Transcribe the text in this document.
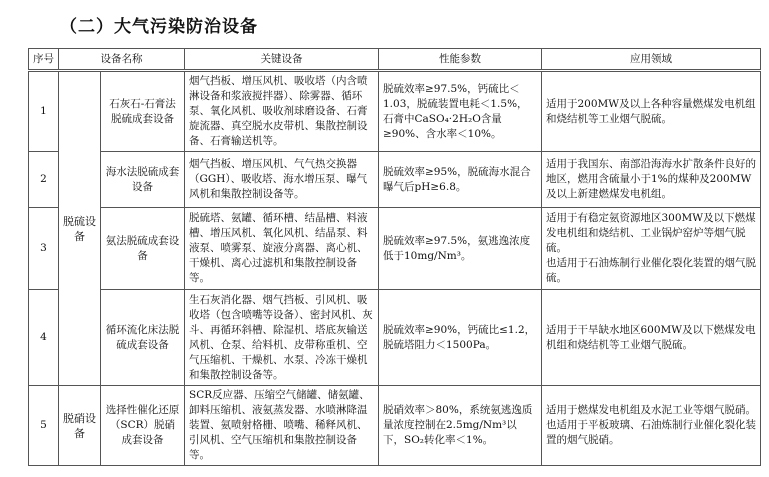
（二）大气污染防治设备
序号	设备名称		关键设备	性能参数	应用领域
1	脱硫设备	石灰石-石膏法脱硫成套设备	烟气挡板、增压风机、吸收塔（内含喷淋设备和浆液搅拌器）、除雾器、循环泵、氧化风机、吸收剂球磨设备、石膏旋流器、真空脱水皮带机、集散控制设备、石膏输送机等。	脱硫效率≥97.5%，钙硫比＜1.03，脱硫装置电耗＜1.5%，石膏中CaSO₄·2H₂O含量≥90%、含水率＜10%。	适用于200MW及以上各种容量燃煤发电机组和烧结机等工业烟气脱硫。
2		海水法脱硫成套设备	烟气挡板、增压风机、气气热交换器（GGH）、吸收塔、海水增压泵、曝气风机和集散控制设备等。	脱硫效率≥95%，脱硫海水混合曝气后pH≥6.8。	适用于我国东、南部沿海海水扩散条件良好的地区，燃用含硫量小于1%的煤种及200MW及以上新建燃煤发电机组。
3		氨法脱硫成套设备	脱硫塔、氨罐、循环槽、结晶槽、料液槽、增压风机、氧化风机、结晶泵、料液泵、喷雾泵、旋液分离器、离心机、干燥机、离心过滤机和集散控制设备等。	脱硫效率≥97.5%，氨逃逸浓度低于10mg/Nm³。	适用于有稳定氨资源地区300MW及以下燃煤发电机组和烧结机、工业锅炉窑炉等烟气脱硫。
也适用于石油炼制行业催化裂化装置的烟气脱硫。
4		循环流化床法脱硫成套设备	生石灰消化器、烟气挡板、引风机、吸收塔（包含喷嘴等设备）、密封风机、灰斗、再循环斜槽、除湿机、塔底灰输送风机、仓泵、给料机、皮带称重机、空气压缩机、干燥机、水泵、冷冻干燥机和集散控制设备等。	脱硫效率≥90%，钙硫比≤1.2，脱硫塔阻力＜1500Pa。	适用于干旱缺水地区600MW及以下燃煤发电机组和烧结机等工业烟气脱硫。
5	脱硝设备	选择性催化还原（SCR）脱硝成套设备	SCR反应器、压缩空气储罐、储氨罐、卸料压缩机、液氨蒸发器、水喷淋降温装置、氨喷射格栅、喷嘴、稀释风机、引风机、空气压缩机和集散控制设备等。	脱硝效率＞80%，系统氨逃逸质量浓度控制在2.5mg/Nm³以下，SO₂转化率＜1%。	适用于燃煤发电机组及水泥工业等烟气脱硝。
也适用于平板玻璃、石油炼制行业催化裂化装置的烟气脱硝。
